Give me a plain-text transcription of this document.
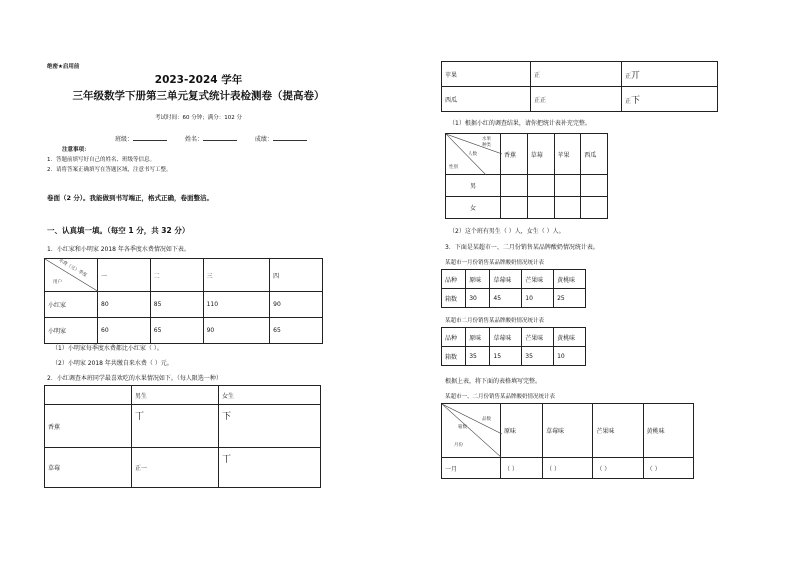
绝密★启用前
2023-2024 学年
三年级数学下册第三单元复式统计表检测卷（提高卷）
考试时间：60 分钟；满分：102 分
班级：	姓名：	成绩：
注意事项：
1．答题前填写好自己的姓名、班级等信息。
2．请将答案正确填写在答题区域，注意书写工整。
卷面（2 分）。我能做到书写端正，格式正确，卷面整洁。
一、认真填一填。（每空 1 分，共 32 分）
1．小红家和小明家 2018 年各季度水费情况如下表。
水费（元）季度
用户	一	二	三	四
小红家	80	85	110	90
小明家	60	65	90	65
（1）小明家每季度水费都比小红家（ ）。
（2）小明家 2018 年共缴自来水费（ ）元。
2．小红调查本班同学最喜欢吃的水果情况如下。（每人限选一种）
	男生	女生
香蕉	丅	下
草莓	正一	丅
苹果	正	正丌
西瓜	正正	正下
（1）根据小红的调查结果，请你把统计表补充完整。
水果
种类
人数
性别	香蕉	草莓	苹果	西瓜
男				
女				
（2）这个班有男生（ ）人，女生（ ）人。
3．下面是某超市一、二月份销售某品牌酸奶情况统计表。
某超市一月份销售某品牌酸奶情况统计表
品种	原味	草莓味	芒果味	黄桃味
箱数	30	45	10	25
某超市二月份销售某品牌酸奶情况统计表
品种	原味	草莓味	芒果味	黄桃味
箱数	35	15	35	10
根据上表，将下面的表格填写完整。
某超市一、二月份销售某品牌酸奶情况统计表
品数
箱数
月份	原味	草莓味	芒果味	黄桃味
一月	（ ）	（ ）	（ ）	（ ）
